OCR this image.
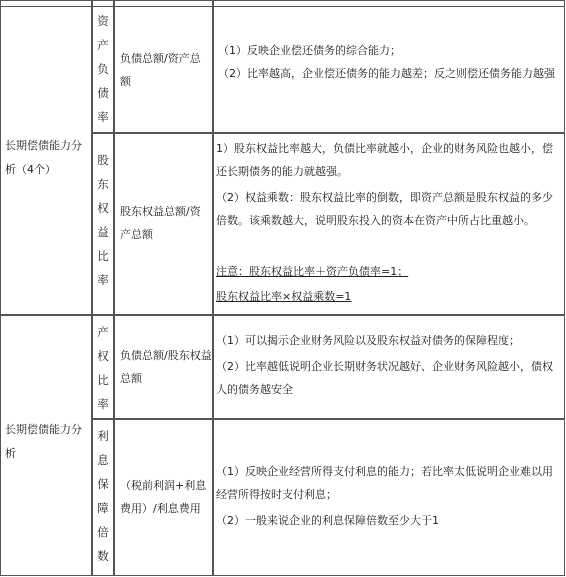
长期偿债能力分析（4个）
资产负债率
负债总额/资产总额
（1）反映企业偿还债务的综合能力；
（2）比率越高，企业偿还债务的能力越差；反之则偿还债务能力越强
股东权益比率
股东权益总额/资产总额
1）股东权益比率越大，负债比率就越小，企业的财务风险也越小，偿还长期债务的能力就越强。
（2）权益乘数：股东权益比率的倒数，即资产总额是股东权益的多少倍数。该乘数越大，说明股东投入的资本在资产中所占比重越小。
注意：股东权益比率＋资产负债率=1；
股东权益比率×权益乘数=1
长期偿债能力分析
产权比率
负债总额/股东权益总额
（1）可以揭示企业财务风险以及股东权益对债务的保障程度；
（2）比率越低说明企业长期财务状况越好、企业财务风险越小，债权人的债务越安全
利息保障倍数
（税前利润+利息费用）/利息费用
（1）反映企业经营所得支付利息的能力；若比率太低说明企业难以用经营所得按时支付利息；
（2）一般来说企业的利息保障倍数至少大于1
